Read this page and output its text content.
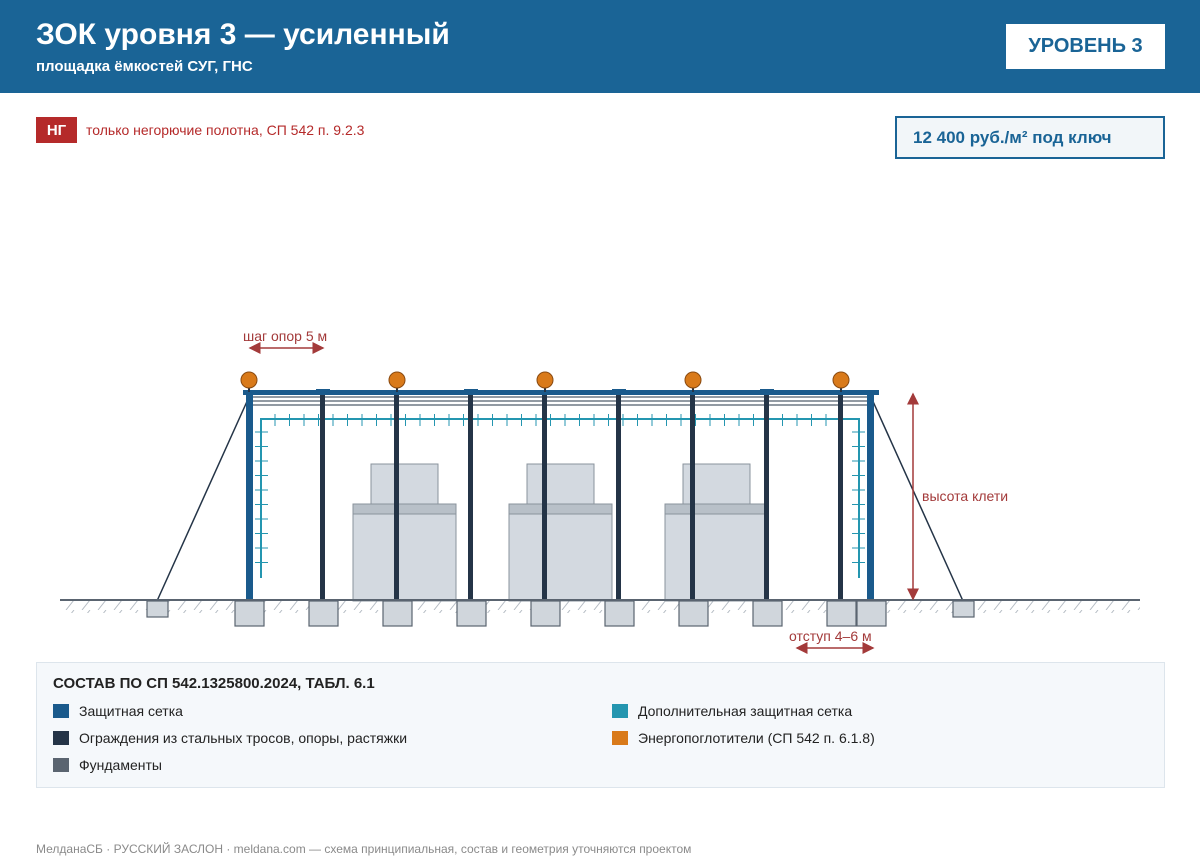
ЗОК уровня 3 — усиленный
площадка ёмкостей СУГ, ГНС
УРОВЕНЬ 3
НГ	только негорючие полотна, СП 542 п. 9.2.3	12 400 руб./м² под ключ
шаг опор 5 м
высота клети
отступ 4–6 м
СОСТАВ ПО СП 542.1325800.2024, ТАБЛ. 6.1
Защитная сетка
Ограждения из стальных тросов, опоры, растяжки
Фундаменты
Дополнительная защитная сетка
Энергопоглотители (СП 542 п. 6.1.8)
МелданаСБ · РУССКИЙ ЗАСЛОН · meldana.com — схема принципиальная, состав и геометрия уточняются проектом
